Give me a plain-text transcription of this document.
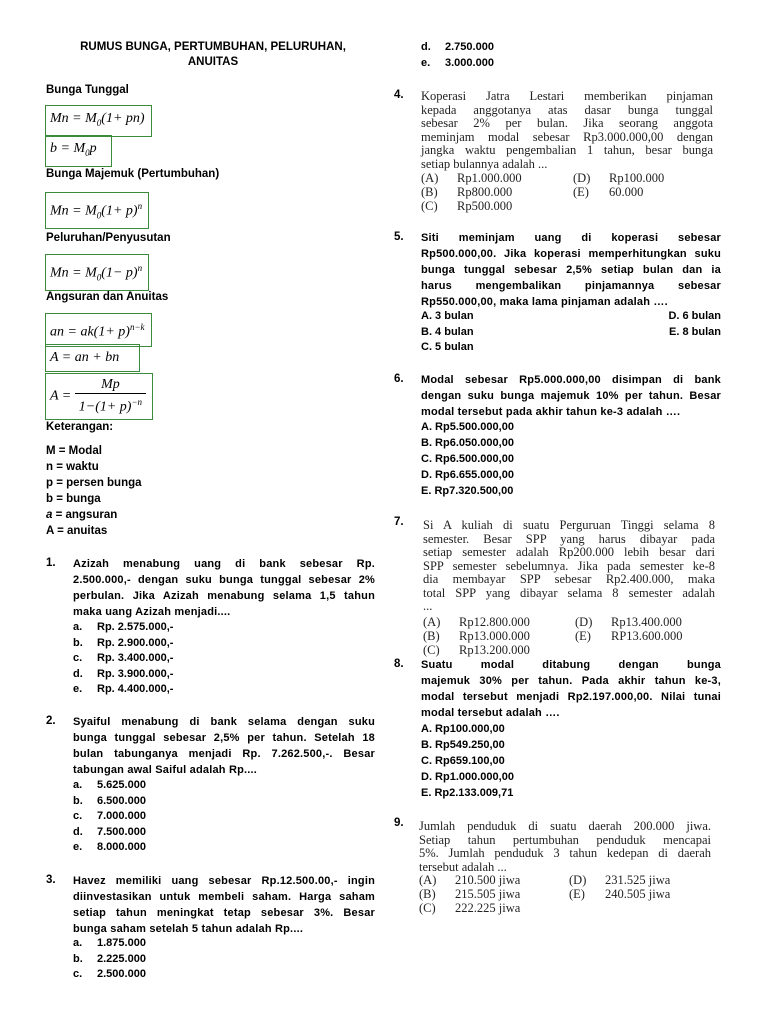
RUMUS BUNGA, PERTUMBUHAN, PELURUHAN,
ANUITAS
Bunga Tunggal
$Mn = M_0(1+ pn)$
$b = M_0p$
Bunga Majemuk (Pertumbuhan)
$Mn = M_0(1+ p)^n$
Peluruhan/Penyusutan
$Mn = M_0(1- p)^n$
Angsuran dan Anuitas
an = $ak(1+ p)^{n-k}$
A = an + bn
$A = \frac{Mp}{1-(1+ p)^{-n}}$
Keterangan:
M = Modal
n = waktu
p = persen bunga
b = bunga
a = angsuran
A = anuitas
1. Azizah menabung uang di bank sebesar Rp.
2.500.000,- dengan suku bunga tunggal sebesar 2%
perbulan. Jika Azizah menabung selama 1,5 tahun
maka uang Azizah menjadi....
a. Rp. 2.575.000,-
b. Rp. 2.900.000,-
c. Rp. 3.400.000,-
d. Rp. 3.900.000,-
e. Rp. 4.400.000,-
2. Syaiful menabung di bank selama dengan suku
bunga tunggal sebesar 2,5% per tahun. Setelah 18
bulan tabunganya menjadi Rp. 7.262.500,-. Besar
tabungan awal Saiful adalah Rp....
a. 5.625.000
b. 6.500.000
c. 7.000.000
d. 7.500.000
e. 8.000.000
3. Havez memiliki uang sebesar Rp.12.500.00,- ingin
diinvestasikan untuk membeli saham. Harga saham
setiap tahun meningkat tetap sebesar 3%. Besar
bunga saham setelah 5 tahun adalah Rp....
a. 1.875.000
b. 2.225.000
c. 2.500.000
d. 2.750.000
e. 3.000.000
4. Koperasi Jatra Lestari memberikan pinjaman
kepada anggotanya atas dasar bunga tunggal
sebesar 2% per bulan. Jika seorang anggota
meminjam modal sebesar Rp3.000.000,00 dengan
jangka waktu pengembalian 1 tahun, besar bunga
setiap bulannya adalah ...
(A) Rp1.000.000	(D) Rp100.000
(B) Rp800.000	(E) 60.000
(C) Rp500.000
5. Siti meminjam uang di koperasi sebesar
Rp500.000,00. Jika koperasi memperhitungkan suku
bunga tunggal sebesar 2,5% setiap bulan dan ia
harus mengembalikan pinjamannya sebesar
Rp550.000,00, maka lama pinjaman adalah ….
A. 3 bulan	D. 6 bulan
B. 4 bulan	E. 8 bulan
C. 5 bulan
6. Modal sebesar Rp5.000.000,00 disimpan di bank
dengan suku bunga majemuk 10% per tahun. Besar
modal tersebut pada akhir tahun ke-3 adalah ….
A. Rp5.500.000,00
B. Rp6.050.000,00
C. Rp6.500.000,00
D. Rp6.655.000,00
E. Rp7.320.500,00
7. Si A kuliah di suatu Perguruan Tinggi selama 8
semester. Besar SPP yang harus dibayar pada
setiap semester adalah Rp200.000 lebih besar dari
SPP semester sebelumnya. Jika pada semester ke-8
dia membayar SPP sebesar Rp2.400.000, maka
total SPP yang dibayar selama 8 semester adalah
...
(A) Rp12.800.000	(D) Rp13.400.000
(B) Rp13.000.000	(E) RP13.600.000
(C) Rp13.200.000
8. Suatu modal ditabung dengan bunga
majemuk 30% per tahun. Pada akhir tahun ke-3,
modal tersebut menjadi Rp2.197.000,00. Nilai tunai
modal tersebut adalah ….
A. Rp100.000,00
B. Rp549.250,00
C. Rp659.100,00
D. Rp1.000.000,00
E. Rp2.133.009,71
9. Jumlah penduduk di suatu daerah 200.000 jiwa.
Setiap tahun pertumbuhan penduduk mencapai
5%. Jumlah penduduk 3 tahun kedepan di daerah
tersebut adalah ...
(A) 210.500 jiwa	(D) 231.525 jiwa
(B) 215.505 jiwa	(E) 240.505 jiwa
(C) 222.225 jiwa
